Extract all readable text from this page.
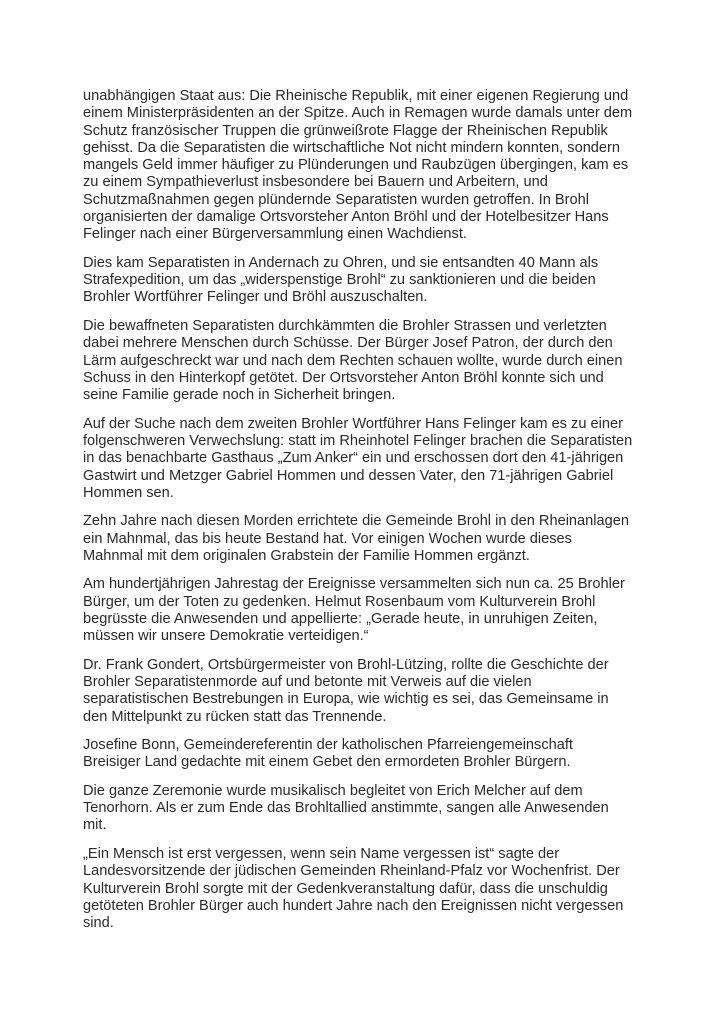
unabhängigen Staat aus: Die Rheinische Republik, mit einer eigenen Regierung und
einem Ministerpräsidenten an der Spitze. Auch in Remagen wurde damals unter dem
Schutz französischer Truppen die grünweißrote Flagge der Rheinischen Republik
gehisst. Da die Separatisten die wirtschaftliche Not nicht mindern konnten, sondern
mangels Geld immer häufiger zu Plünderungen und Raubzügen übergingen, kam es
zu einem Sympathieverlust insbesondere bei Bauern und Arbeitern, und
Schutzmaßnahmen gegen plündernde Separatisten wurden getroffen. In Brohl
organisierten der damalige Ortsvorsteher Anton Bröhl und der Hotelbesitzer Hans
Felinger nach einer Bürgerversammlung einen Wachdienst.

Dies kam Separatisten in Andernach zu Ohren, und sie entsandten 40 Mann als
Strafexpedition, um das „widerspenstige Brohl“ zu sanktionieren und die beiden
Brohler Wortführer Felinger und Bröhl auszuschalten.

Die bewaffneten Separatisten durchkämmten die Brohler Strassen und verletzten
dabei mehrere Menschen durch Schüsse. Der Bürger Josef Patron, der durch den
Lärm aufgeschreckt war und nach dem Rechten schauen wollte, wurde durch einen
Schuss in den Hinterkopf getötet. Der Ortsvorsteher Anton Bröhl konnte sich und
seine Familie gerade noch in Sicherheit bringen.

Auf der Suche nach dem zweiten Brohler Wortführer Hans Felinger kam es zu einer
folgenschweren Verwechslung: statt im Rheinhotel Felinger brachen die Separatisten
in das benachbarte Gasthaus „Zum Anker“ ein und erschossen dort den 41-jährigen
Gastwirt und Metzger Gabriel Hommen und dessen Vater, den 71-jährigen Gabriel
Hommen sen.

Zehn Jahre nach diesen Morden errichtete die Gemeinde Brohl in den Rheinanlagen
ein Mahnmal, das bis heute Bestand hat. Vor einigen Wochen wurde dieses
Mahnmal mit dem originalen Grabstein der Familie Hommen ergänzt.

Am hundertjährigen Jahrestag der Ereignisse versammelten sich nun ca. 25 Brohler
Bürger, um der Toten zu gedenken. Helmut Rosenbaum vom Kulturverein Brohl
begrüsste die Anwesenden und appellierte: „Gerade heute, in unruhigen Zeiten,
müssen wir unsere Demokratie verteidigen.“

Dr. Frank Gondert, Ortsbürgermeister von Brohl-Lützing, rollte die Geschichte der
Brohler Separatistenmorde auf und betonte mit Verweis auf die vielen
separatistischen Bestrebungen in Europa, wie wichtig es sei, das Gemeinsame in
den Mittelpunkt zu rücken statt das Trennende.

Josefine Bonn, Gemeindereferentin der katholischen Pfarreiengemeinschaft
Breisiger Land gedachte mit einem Gebet den ermordeten Brohler Bürgern.

Die ganze Zeremonie wurde musikalisch begleitet von Erich Melcher auf dem
Tenorhorn. Als er zum Ende das Brohltallied anstimmte, sangen alle Anwesenden
mit.

„Ein Mensch ist erst vergessen, wenn sein Name vergessen ist“ sagte der
Landesvorsitzende der jüdischen Gemeinden Rheinland-Pfalz vor Wochenfrist. Der
Kulturverein Brohl sorgte mit der Gedenkveranstaltung dafür, dass die unschuldig
getöteten Brohler Bürger auch hundert Jahre nach den Ereignissen nicht vergessen
sind.
